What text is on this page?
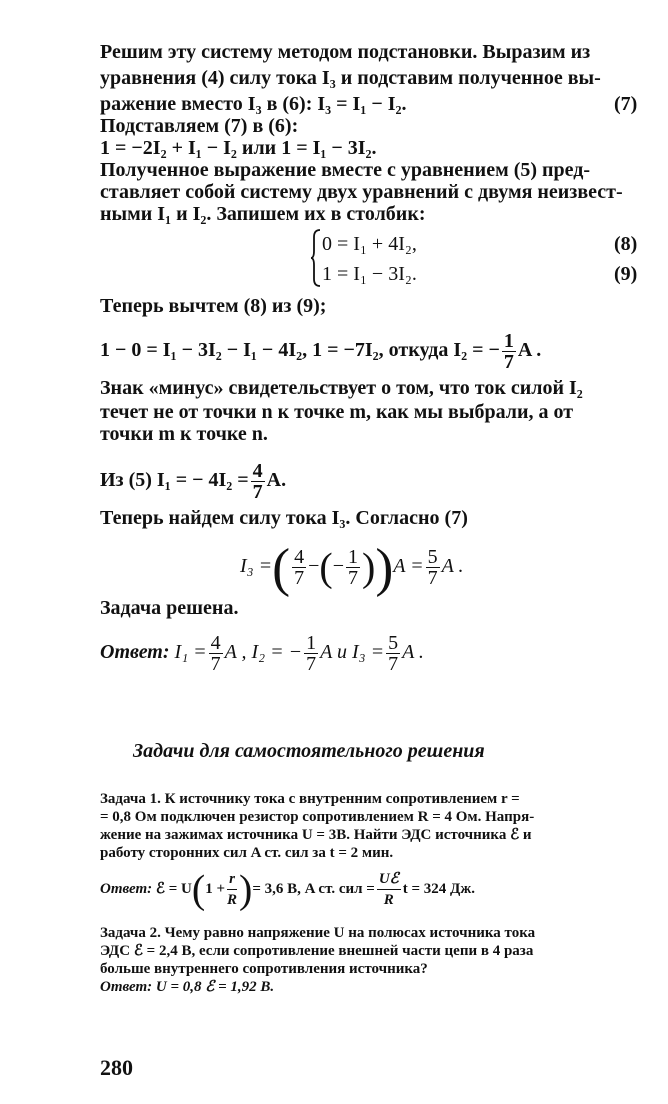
Решим эту систему методом подстановки. Выразим из
уравнения (4) силу тока I₃ и подставим полученное вы-
ражение вместо I₃ в (6): I₃ = I₁ − I₂.	(7)
Подставляем (7) в (6):
1 = −2I₂ + I₁ − I₂ или 1 = I₁ − 3I₂.
Полученное выражение вместе с уравнением (5) пред-
ставляет собой систему двух уравнений с двумя неизвест-
ными I₁ и I₂. Запишем их в столбик:
0 = I₁ + 4I₂,	(8)
1 = I₁ − 3I₂.	(9)
Теперь вычтем (8) из (9);
1 − 0 = I₁ − 3I₂ − I₁ − 4I₂, 1 = −7I₂, откуда I₂ = − $\frac{1}{7}$ A .
Знак «минус» свидетельствует о том, что ток силой I₂
течет не от точки n к точке m, как мы выбрали, а от
точки m к точке n.
Из (5) I₁ = − $4I_2 = \frac{4}{7} A$.
Теперь найдем силу тока I₃. Согласно (7)
I₃ =( $\frac{4}{7}$ −(− $\frac{1}{7} ))A = \frac{5}{7}$ A .
Задача решена.
Ответ: $I_1 = \frac{4}{7}$ A , I₂ = − $\frac{1}{7}$ A и $I_3 = \frac{5}{7}$ A .
Задачи для самостоятельного решения
Задача 1. К источнику тока с внутренним сопротивлением r =
= 0,8 Ом подключен резистор сопротивлением R = 4 Ом. Напря-
жение на зажимах источника U = 3В. Найти ЭДС источника ℰ и
работу сторонних сил A ст. сил за t = 2 мин.
Ответ: ℰ = $U(1 + \frac{r}{R}$ )= 3,6 В, A ст. сил = $\frac{\text{Uℰ}}{R}$ t = 324 Дж.
Задача 2. Чему равно напряжение U на полюсах источника тока
ЭДС ℰ = 2,4 В, если сопротивление внешней части цепи в 4 раза
больше внутреннего сопротивления источника?
Ответ: U = 0,8 ℰ = 1,92 В.
280
